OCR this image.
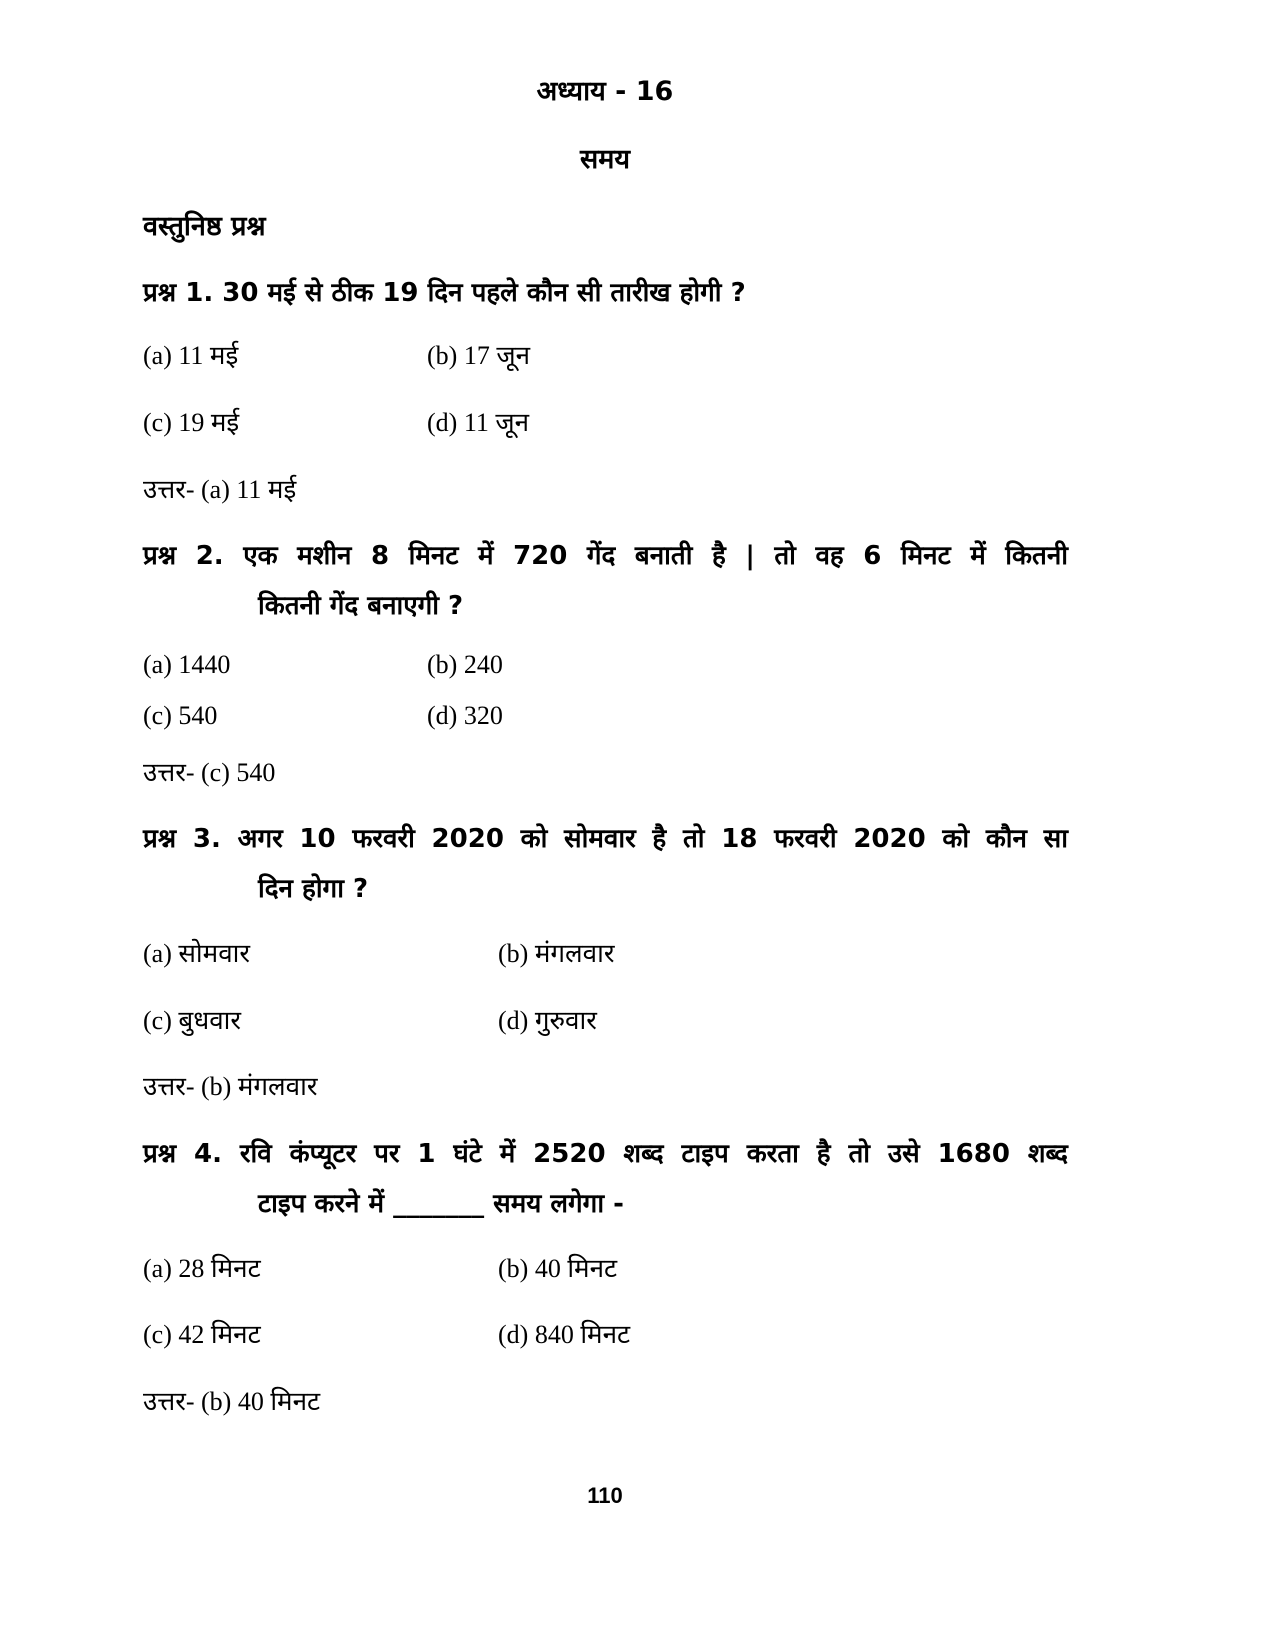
अध्याय - 16
समय
वस्तुनिष्ठ प्रश्न
प्रश्न 1. 30 मई से ठीक 19 दिन पहले कौन सी तारीख होगी ?
(a) 11 मई	(b) 17 जून
(c) 19 मई	(d) 11 जून
उत्तर- (a) 11 मई
प्रश्न 2. एक मशीन 8 मिनट में 720 गेंद बनाती है | तो वह 6 मिनट में कितनी
कितनी गेंद बनाएगी ?
(a) 1440	(b) 240
(c) 540	(d) 320
उत्तर- (c) 540
प्रश्न 3. अगर 10 फरवरी 2020 को सोमवार है तो 18 फरवरी 2020 को कौन सा
दिन होगा ?
(a) सोमवार	(b) मंगलवार
(c) बुधवार	(d) गुरुवार
उत्तर- (b) मंगलवार
प्रश्न 4. रवि कंप्यूटर पर 1 घंटे में 2520 शब्द टाइप करता है तो उसे 1680 शब्द
टाइप करने में _______ समय लगेगा -
(a) 28 मिनट	(b) 40 मिनट
(c) 42 मिनट	(d) 840 मिनट
उत्तर- (b) 40 मिनट
110
